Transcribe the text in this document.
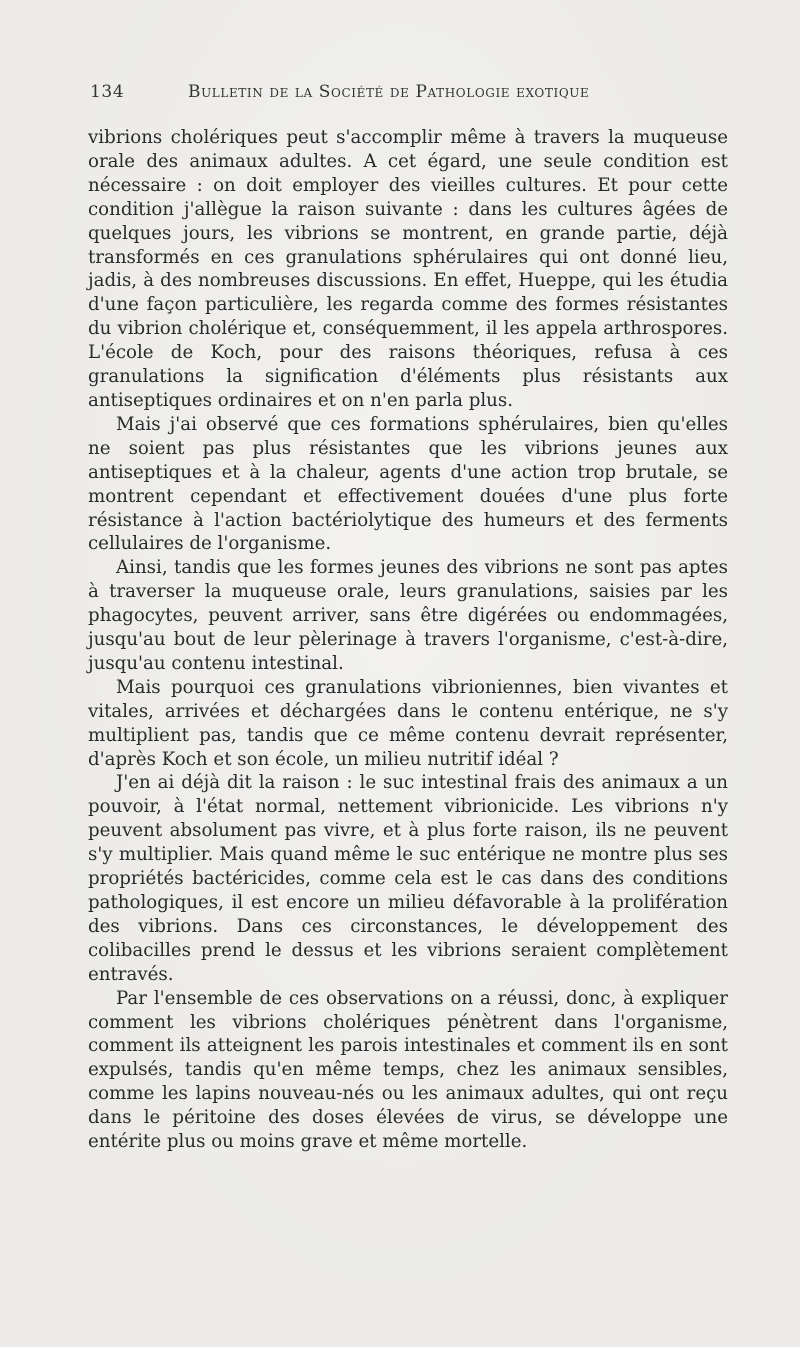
134	Bulletin de la Société de Pathologie exotique

vibrions cholériques peut s'accomplir même à travers la muqueuse orale des animaux adultes. A cet égard, une seule condition est nécessaire : on doit employer des vieilles cultures. Et pour cette condition j'allègue la raison suivante : dans les cultures âgées de quelques jours, les vibrions se montrent, en grande partie, déjà transformés en ces granulations sphérulaires qui ont donné lieu, jadis, à des nombreuses discussions. En effet, Hueppe, qui les étudia d'une façon particulière, les regarda comme des formes résistantes du vibrion cholérique et, conséquemment, il les appela arthrospores. L'école de Koch, pour des raisons théoriques, refusa à ces granulations la signification d'éléments plus résistants aux antiseptiques ordinaires et on n'en parla plus.

Mais j'ai observé que ces formations sphérulaires, bien qu'elles ne soient pas plus résistantes que les vibrions jeunes aux antiseptiques et à la chaleur, agents d'une action trop brutale, se montrent cependant et effectivement douées d'une plus forte résistance à l'action bactériolytique des humeurs et des ferments cellulaires de l'organisme.

Ainsi, tandis que les formes jeunes des vibrions ne sont pas aptes à traverser la muqueuse orale, leurs granulations, saisies par les phagocytes, peuvent arriver, sans être digérées ou endommagées, jusqu'au bout de leur pèlerinage à travers l'organisme, c'est-à-dire, jusqu'au contenu intestinal.

Mais pourquoi ces granulations vibrioniennes, bien vivantes et vitales, arrivées et déchargées dans le contenu entérique, ne s'y multiplient pas, tandis que ce même contenu devrait représenter, d'après Koch et son école, un milieu nutritif idéal ?

J'en ai déjà dit la raison : le suc intestinal frais des animaux a un pouvoir, à l'état normal, nettement vibrionicide. Les vibrions n'y peuvent absolument pas vivre, et à plus forte raison, ils ne peuvent s'y multiplier. Mais quand même le suc entérique ne montre plus ses propriétés bactéricides, comme cela est le cas dans des conditions pathologiques, il est encore un milieu défavorable à la prolifération des vibrions. Dans ces circonstances, le développement des colibacilles prend le dessus et les vibrions seraient complètement entravés.

Par l'ensemble de ces observations on a réussi, donc, à expliquer comment les vibrions cholériques pénètrent dans l'organisme, comment ils atteignent les parois intestinales et comment ils en sont expulsés, tandis qu'en même temps, chez les animaux sensibles, comme les lapins nouveau-nés ou les animaux adultes, qui ont reçu dans le péritoine des doses élevées de virus, se développe une entérite plus ou moins grave et même mortelle.
